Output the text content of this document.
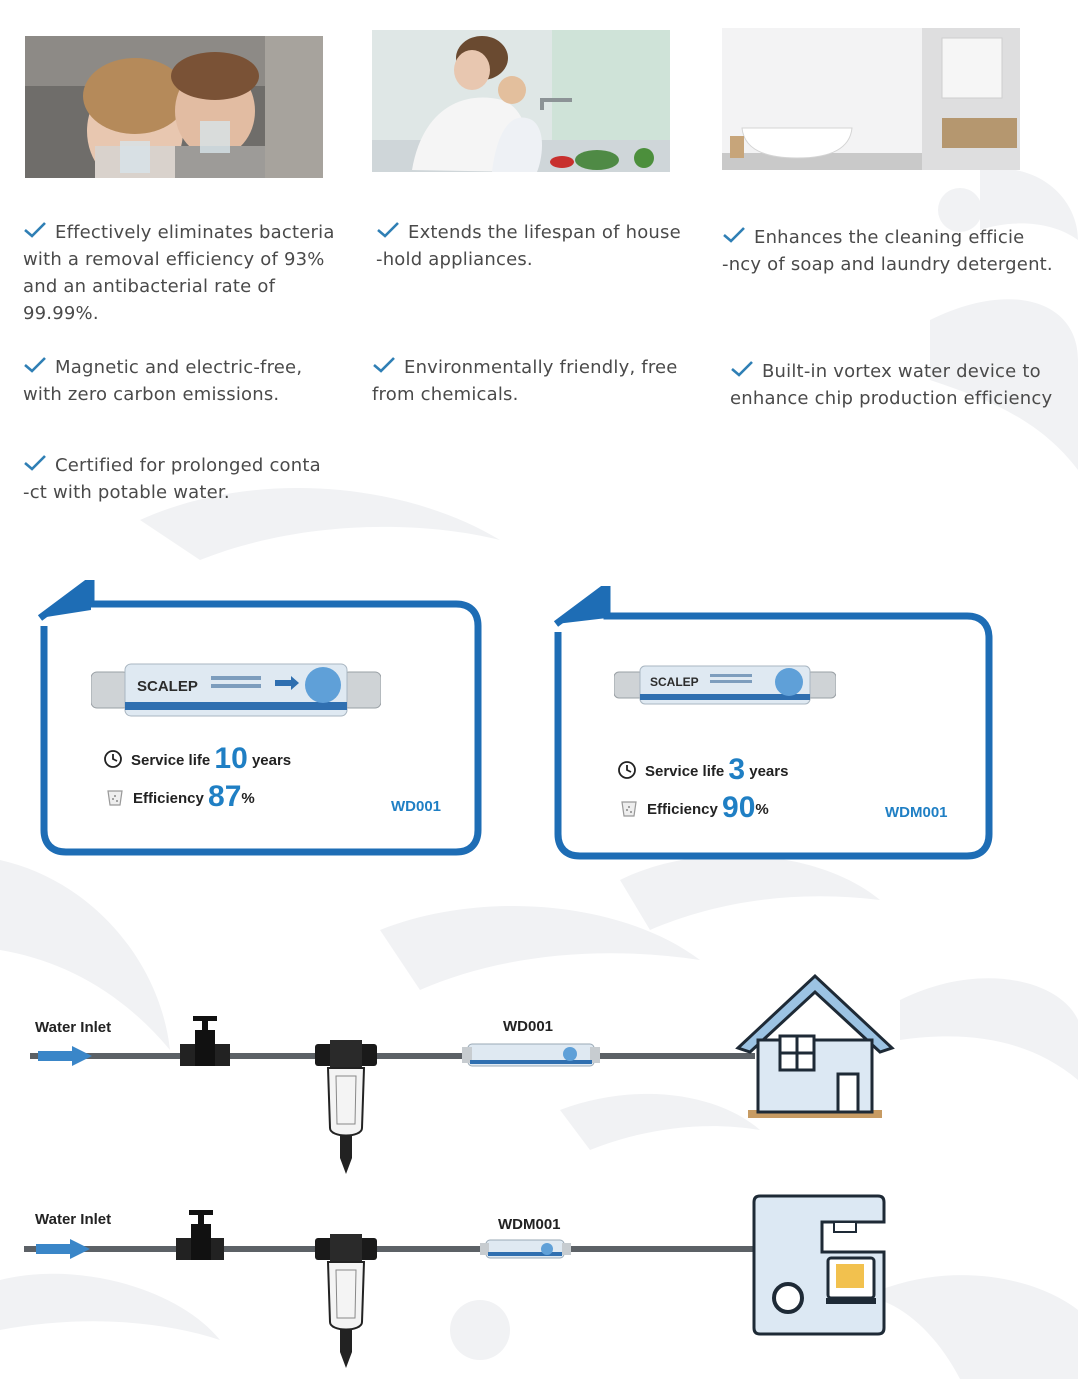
Effectively eliminates bacteria
with a removal efficiency of 93%
and an antibacterial rate of
99.99%.
Extends the lifespan of house
-hold appliances.
Enhances the cleaning efficie
-ncy of soap and laundry detergent.
Magnetic and electric-free,
with zero carbon emissions.
Environmentally friendly, free
from chemicals.
Built-in vortex water device to
enhance chip production efficiency
Certified for prolonged conta
-ct with potable water.
SCALEP
Service life 10 years
Efficiency 87%	WD001
SCALEP
Service life 3 years
Efficiency 90%	WDM001
Water Inlet	WD001
Water Inlet	WDM001
